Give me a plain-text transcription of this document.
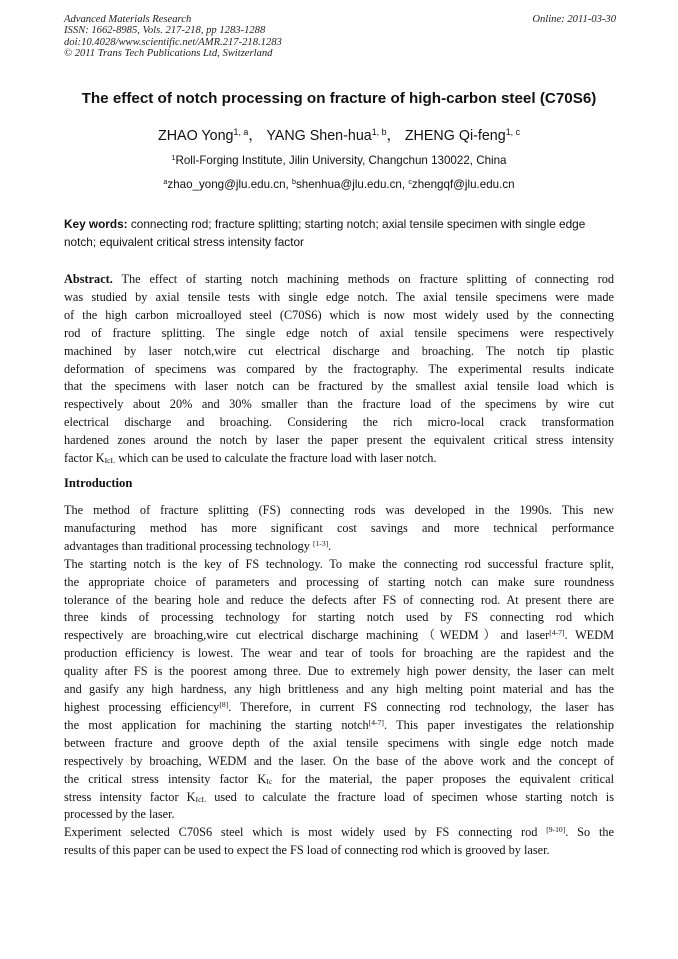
Advanced Materials Research
ISSN: 1662-8985, Vols. 217-218, pp 1283-1288
doi:10.4028/www.scientific.net/AMR.217-218.1283
© 2011 Trans Tech Publications Ltd, Switzerland
Online: 2011-03-30
The effect of notch processing on fracture of high-carbon steel (C70S6)
ZHAO Yong$^{1, a}$， YANG Shen-hua$^{1, b}$， ZHENG Qi-feng$^{1, c}$
$^1$Roll-Forging Institute, Jilin University, Changchun 130022, China
$^a$zhao_yong@jlu.edu.cn, $^b$shenhua@jlu.edu.cn, $^c$zhengqf@jlu.edu.cn
Key words: connecting rod; fracture splitting; starting notch; axial tensile specimen with single edge
notch; equivalent critical stress intensity factor
Abstract. The effect of starting notch machining methods on fracture splitting of connecting rod
was studied by axial tensile tests with single edge notch. The axial tensile specimens were made
of the high carbon microalloyed steel (C70S6) which is now most widely used by the connecting
rod of fracture splitting. The single edge notch of axial tensile specimens were respectively
machined by laser notch,wire cut electrical discharge and broaching. The notch tip plastic
deformation of specimens was compared by the fractography. The experimental results indicate
that the specimens with laser notch can be fractured by the smallest axial tensile load which is
respectively about 20% and 30% smaller than the fracture load of the specimens by wire cut
electrical discharge and broaching. Considering the rich micro-local crack transformation
hardened zones around the notch by laser the paper present the equivalent critical stress intensity
factor $K_{IcL}$ which can be used to calculate the fracture load with laser notch.
Introduction
The method of fracture splitting (FS) connecting rods was developed in the 1990s. This new
manufacturing method has more significant cost savings and more technical performance
advantages than traditional processing technology [1-3].
The starting notch is the key of FS technology. To make the connecting rod successful fracture split,
the appropriate choice of parameters and processing of starting notch can make sure roundness
tolerance of the bearing hole and reduce the defects after FS of connecting rod. At present there are
three kinds of processing technology for starting notch used by FS connecting rod which
respectively are broaching,wire cut electrical discharge machining（WEDM）and laser[4-7]. WEDM
production efficiency is lowest. The wear and tear of tools for broaching are the rapidest and the
quality after FS is the poorest among three. Due to extremely high power density, the laser can melt
and gasify any high hardness, any high brittleness and any high melting point material and has the
highest processing efficiency[8]. Therefore, in current FS connecting rod technology, the laser has
the most application for machining the starting notch[4-7]. This paper investigates the relationship
between fracture and groove depth of the axial tensile specimens with single edge notch made
respectively by broaching, WEDM and the laser. On the base of the above work and the concept of
the critical stress intensity factor $K_{Ic}$ for the material, the paper proposes the equivalent critical
stress intensity factor $K_{IcL}$ used to calculate the fracture load of specimen whose starting notch is
processed by the laser.
Experiment selected C70S6 steel which is most widely used by FS connecting rod [9-10]. So the
results of this paper can be used to expect the FS load of connecting rod which is grooved by laser.
